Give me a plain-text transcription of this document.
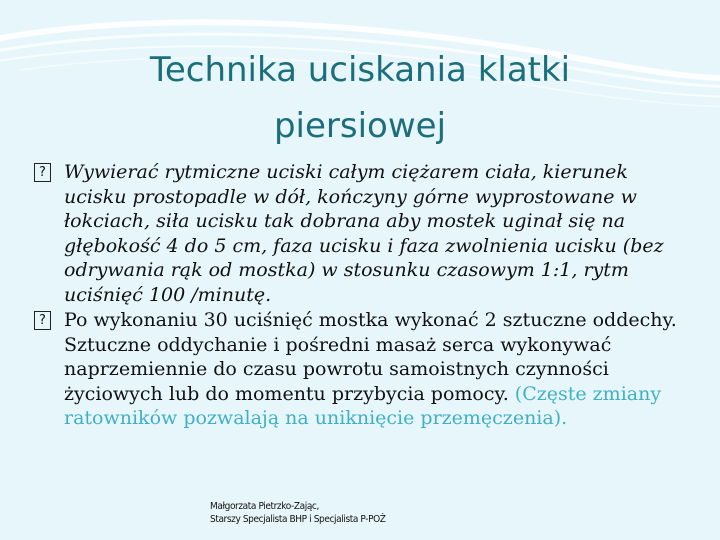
Technika uciskania klatki
piersiowej

? Wywierać rytmiczne uciski całym ciężarem ciała, kierunek ucisku prostopadle w dół, kończyny górne wyprostowane w łokciach, siła ucisku tak dobrana aby mostek uginał się na głębokość 4 do 5 cm, faza ucisku i faza zwolnienia ucisku (bez odrywania rąk od mostka) w stosunku czasowym 1:1, rytm uciśnięć 100 /minutę.

? Po wykonaniu 30 uciśnięć mostka wykonać 2 sztuczne oddechy. Sztuczne oddychanie i pośredni masaż serca wykonywać naprzemiennie do czasu powrotu samoistnych czynności życiowych lub do momentu przybycia pomocy. (Częste zmiany ratowników pozwalają na uniknięcie przemęczenia).

Małgorzata Pietrzko-Zając,
Starszy Specjalista BHP i Specjalista P-POŻ
